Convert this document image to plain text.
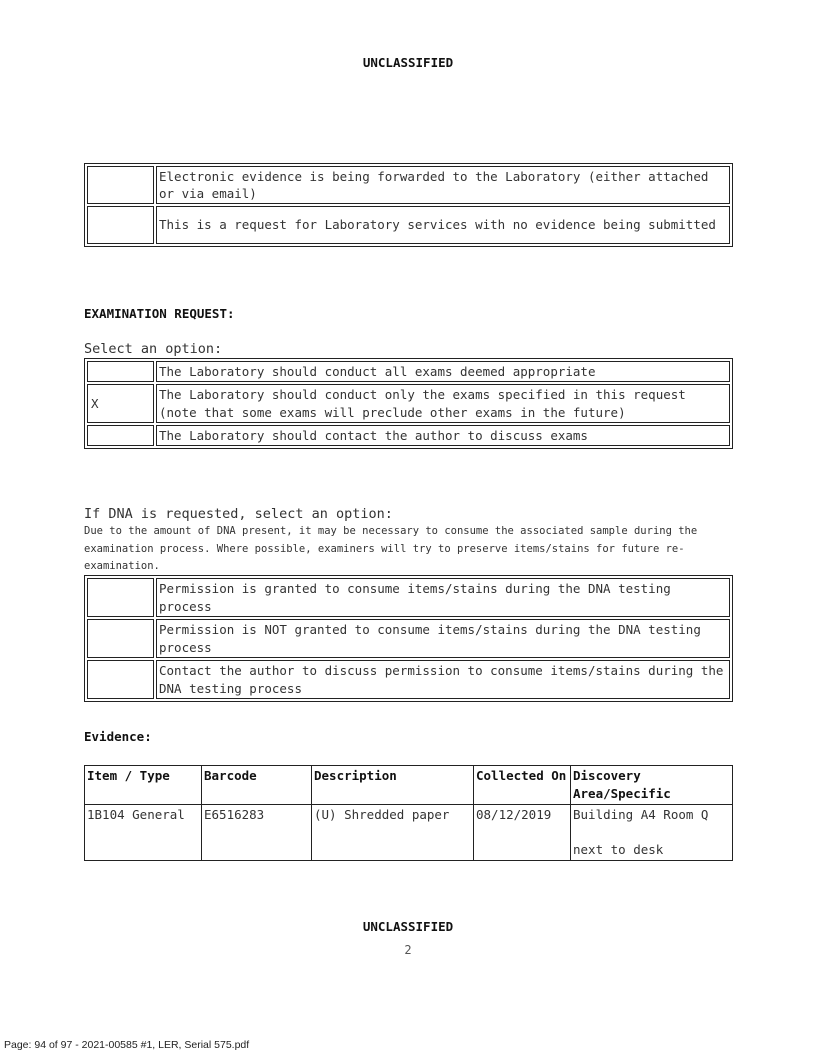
UNCLASSIFIED
	Electronic evidence is being forwarded to the Laboratory (either attached or via email)
	This is a request for Laboratory services with no evidence being submitted
EXAMINATION REQUEST:
Select an option:
	The Laboratory should conduct all exams deemed appropriate
X	The Laboratory should conduct only the exams specified in this request (note that some exams will preclude other exams in the future)
	The Laboratory should contact the author to discuss exams
If DNA is requested, select an option:
Due to the amount of DNA present, it may be necessary to consume the associated sample during the examination process. Where possible, examiners will try to preserve items/stains for future re-examination.
	Permission is granted to consume items/stains during the DNA testing process
	Permission is NOT granted to consume items/stains during the DNA testing process
	Contact the author to discuss permission to consume items/stains during the DNA testing process
Evidence:
Item / Type	Barcode	Description	Collected On	Discovery Area/Specific
1B104 General	E6516283	(U) Shredded paper	08/12/2019	Building A4 Room Q
next to desk
UNCLASSIFIED
2
Page: 94 of 97 - 2021-00585 #1, LER, Serial 575.pdf
